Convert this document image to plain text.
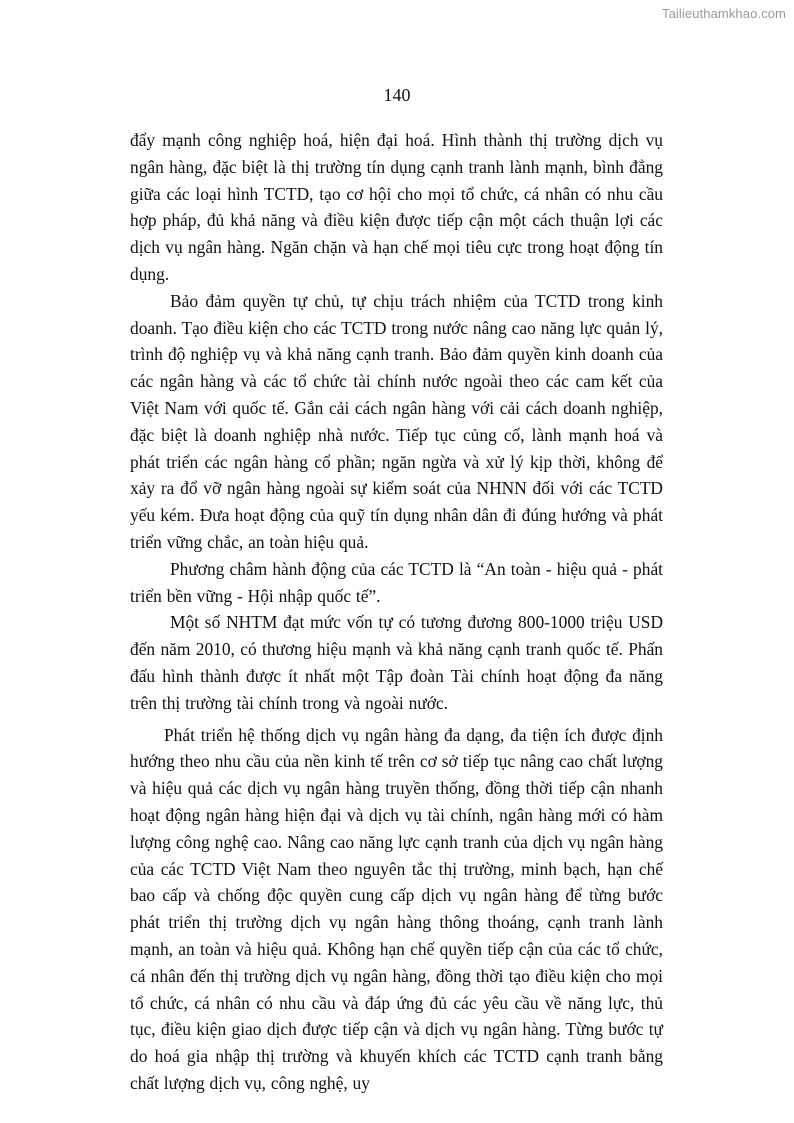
Tailieuthamkhao.com
140

đẩy mạnh công nghiệp hoá, hiện đại hoá. Hình thành thị trường dịch vụ ngân hàng, đặc biệt là thị trường tín dụng cạnh tranh lành mạnh, bình đẳng giữa các loại hình TCTD, tạo cơ hội cho mọi tổ chức, cá nhân có nhu cầu hợp pháp, đủ khả năng và điều kiện được tiếp cận một cách thuận lợi các dịch vụ ngân hàng. Ngăn chặn và hạn chế mọi tiêu cực trong hoạt động tín dụng.

Bảo đảm quyền tự chủ, tự chịu trách nhiệm của TCTD trong kinh doanh. Tạo điều kiện cho các TCTD trong nước nâng cao năng lực quản lý, trình độ nghiệp vụ và khả năng cạnh tranh. Bảo đảm quyền kinh doanh của các ngân hàng và các tổ chức tài chính nước ngoài theo các cam kết của Việt Nam với quốc tế. Gắn cải cách ngân hàng với cải cách doanh nghiệp, đặc biệt là doanh nghiệp nhà nước. Tiếp tục củng cố, lành mạnh hoá và phát triển các ngân hàng cổ phần; ngăn ngừa và xử lý kịp thời, không để xảy ra đổ vỡ ngân hàng ngoài sự kiểm soát của NHNN đối với các TCTD yếu kém. Đưa hoạt động của quỹ tín dụng nhân dân đi đúng hướng và phát triển vững chắc, an toàn hiệu quả.

Phương châm hành động của các TCTD là “An toàn - hiệu quả - phát triển bền vững - Hội nhập quốc tế”.

Một số NHTM đạt mức vốn tự có tương đương 800-1000 triệu USD đến năm 2010, có thương hiệu mạnh và khả năng cạnh tranh quốc tế. Phấn đấu hình thành được ít nhất một Tập đoàn Tài chính hoạt động đa năng trên thị trường tài chính trong và ngoài nước.

Phát triển hệ thống dịch vụ ngân hàng đa dạng, đa tiện ích được định hướng theo nhu cầu của nền kinh tế trên cơ sở tiếp tục nâng cao chất lượng và hiệu quả các dịch vụ ngân hàng truyền thống, đồng thời tiếp cận nhanh hoạt động ngân hàng hiện đại và dịch vụ tài chính, ngân hàng mới có hàm lượng công nghệ cao. Nâng cao năng lực cạnh tranh của dịch vụ ngân hàng của các TCTD Việt Nam theo nguyên tắc thị trường, minh bạch, hạn chế bao cấp và chống độc quyền cung cấp dịch vụ ngân hàng để từng bước phát triển thị trường dịch vụ ngân hàng thông thoáng, cạnh tranh lành mạnh, an toàn và hiệu quả. Không hạn chế quyền tiếp cận của các tổ chức, cá nhân đến thị trường dịch vụ ngân hàng, đồng thời tạo điều kiện cho mọi tổ chức, cá nhân có nhu cầu và đáp ứng đủ các yêu cầu về năng lực, thủ tục, điều kiện giao dịch được tiếp cận và dịch vụ ngân hàng. Từng bước tự do hoá gia nhập thị trường và khuyến khích các TCTD cạnh tranh bằng chất lượng dịch vụ, công nghệ, uy
